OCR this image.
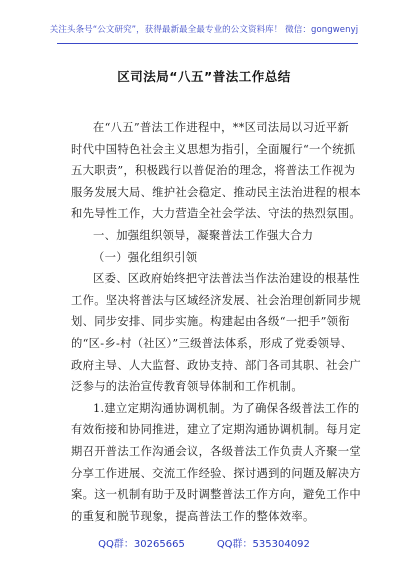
关注头条号“公文研究”，获得最新最全最专业的公文资料库！ 微信：gongwenyj
区司法局“八五”普法工作总结
在“八五”普法工作进程中，**区司法局以习近平新
时代中国特色社会主义思想为指引，全面履行“一个统抓
五大职责”，积极践行以普促治的理念，将普法工作视为
服务发展大局、维护社会稳定、推动民主法治进程的根本
和先导性工作，大力营造全社会学法、守法的热烈氛围。
一、加强组织领导，凝聚普法工作强大合力
（一）强化组织引领
区委、区政府始终把守法普法当作法治建设的根基性
工作。坚决将普法与区域经济发展、社会治理创新同步规
划、同步安排、同步实施。构建起由各级“一把手”领衔
的“区-乡-村（社区）”三级普法体系，形成了党委领导、
政府主导、人大监督、政协支持、部门各司其职、社会广
泛参与的法治宣传教育领导体制和工作机制。
1.建立定期沟通协调机制。为了确保各级普法工作的
有效衔接和协同推进，建立了定期沟通协调机制。每月定
期召开普法工作沟通会议，各级普法工作负责人齐聚一堂
分享工作进展、交流工作经验、探讨遇到的问题及解决方
案。这一机制有助于及时调整普法工作方向，避免工作中
的重复和脱节现象，提高普法工作的整体效率。
QQ群：30265665	QQ群：535304092
